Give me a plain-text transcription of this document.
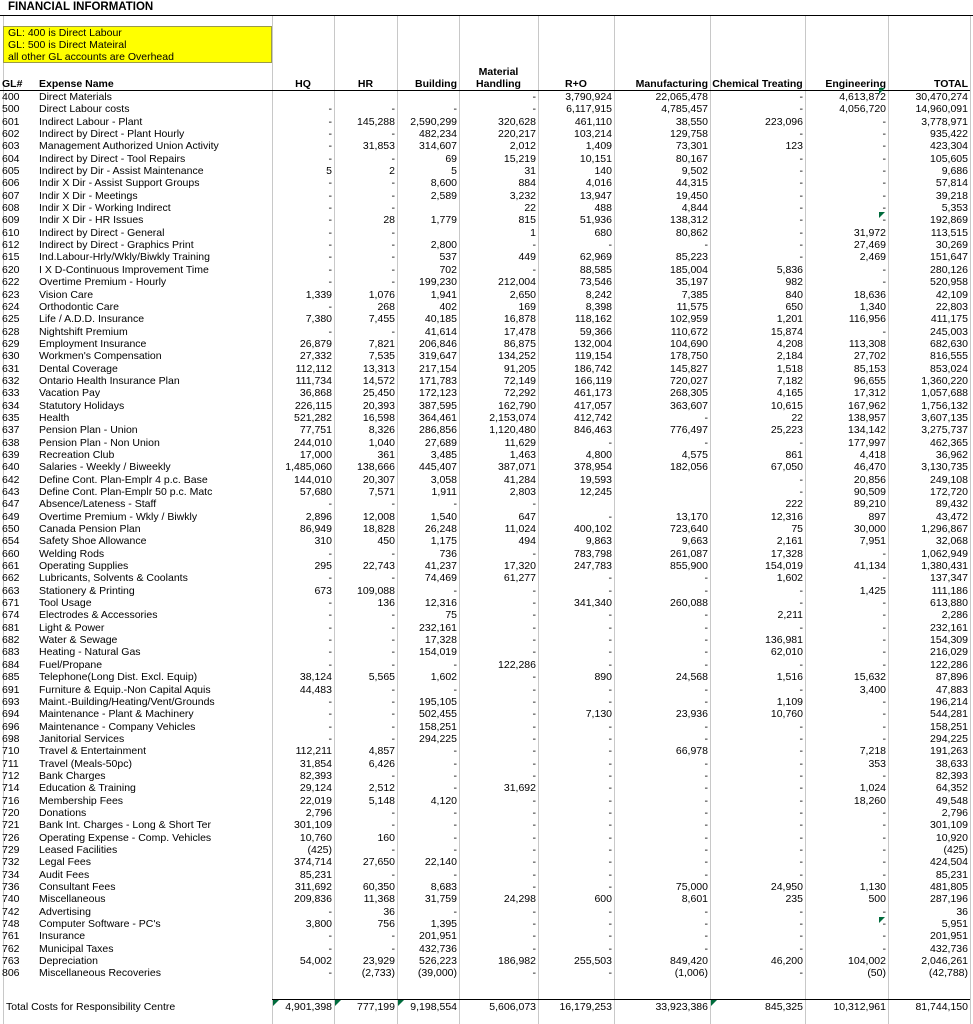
FINANCIAL INFORMATION
GL: 400 is Direct Labour
GL: 500 is Direct Mateiral
all other GL accounts are Overhead
GL#	Expense Name	HQ	HR	Building	Material Handling	R+O	Manufacturing	Chemical Treating	Engineering	TOTAL
400	Direct Materials				-	3,790,924	22,065,478	-	4,613,872	30,470,274
500	Direct Labour costs	-	-	-	-	6,117,915	4,785,457	-	4,056,720	14,960,091
601	Indirect Labour - Plant	-	145,288	2,590,299	320,628	461,110	38,550	223,096	-	3,778,971
602	Indirect by Direct - Plant Hourly	-	-	482,234	220,217	103,214	129,758	-	-	935,422
603	Management Authorized Union Activity	-	31,853	314,607	2,012	1,409	73,301	123	-	423,304
604	Indirect by Direct - Tool Repairs	-	-	69	15,219	10,151	80,167	-	-	105,605
605	Indirect by Dir - Assist Maintenance	5	2	5	31	140	9,502	-	-	9,686
606	Indir X Dir - Assist Support Groups	-	-	8,600	884	4,016	44,315	-	-	57,814
607	Indir X Dir - Meetings	-	-	2,589	3,232	13,947	19,450	-	-	39,218
608	Indir X Dir - Working Indirect	-	-		22	488	4,844	-	-	5,353
609	Indir X Dir - HR Issues	-	28	1,779	815	51,936	138,312	-	-	192,869
610	Indirect by Direct - General	-	-		1	680	80,862	-	31,972	113,515
612	Indirect by Direct - Graphics Print	-	-	2,800	-	-	-	-	27,469	30,269
615	Ind.Labour-Hrly/Wkly/Biwkly Training	-	-	537	449	62,969	85,223	-	2,469	151,647
620	I X D-Continuous Improvement Time	-	-	702	-	88,585	185,004	5,836	-	280,126
622	Overtime Premium - Hourly	-	-	199,230	212,004	73,546	35,197	982	-	520,958
623	Vision Care	1,339	1,076	1,941	2,650	8,242	7,385	840	18,636	42,109
624	Orthodontic Care	-	268	402	169	8,398	11,575	650	1,340	22,803
625	Life / A.D.D. Insurance	7,380	7,455	40,185	16,878	118,162	102,959	1,201	116,956	411,175
628	Nightshift Premium	-	-	41,614	17,478	59,366	110,672	15,874	-	245,003
629	Employment Insurance	26,879	7,821	206,846	86,875	132,004	104,690	4,208	113,308	682,630
630	Workmen's Compensation	27,332	7,535	319,647	134,252	119,154	178,750	2,184	27,702	816,555
631	Dental Coverage	112,112	13,313	217,154	91,205	186,742	145,827	1,518	85,153	853,024
632	Ontario Health Insurance Plan	111,734	14,572	171,783	72,149	166,119	720,027	7,182	96,655	1,360,220
633	Vacation Pay	36,868	25,450	172,123	72,292	461,173	268,305	4,165	17,312	1,057,688
634	Statutory Holidays	226,115	20,393	387,595	162,790	417,057	363,607	10,615	167,962	1,756,132
635	Health	521,282	16,598	364,461	2,153,074	412,742	-	22	138,957	3,607,135
637	Pension Plan - Union	77,751	8,326	286,856	1,120,480	846,463	776,497	25,223	134,142	3,275,737
638	Pension Plan - Non Union	244,010	1,040	27,689	11,629	-	-	-	177,997	462,365
639	Recreation Club	17,000	361	3,485	1,463	4,800	4,575	861	4,418	36,962
640	Salaries - Weekly / Biweekly	1,485,060	138,666	445,407	387,071	378,954	182,056	67,050	46,470	3,130,735
642	Define Cont. Plan-Emplr 4 p.c. Base	144,010	20,307	3,058	41,284	19,593		-	20,856	249,108
643	Define Cont. Plan-Emplr 50 p.c. Matc	57,680	7,571	1,911	2,803	12,245		-	90,509	172,720
647	Absence/Lateness - Staff	-	-	-	-			222	89,210	89,432
649	Overtime Premium - Wkly / Biwkly	2,896	12,008	1,540	647	-	13,170	12,316	897	43,472
650	Canada Pension Plan	86,949	18,828	26,248	11,024	400,102	723,640	75	30,000	1,296,867
654	Safety Shoe Allowance	310	450	1,175	494	9,863	9,663	2,161	7,951	32,068
660	Welding Rods	-	-	736	-	783,798	261,087	17,328	-	1,062,949
661	Operating Supplies	295	22,743	41,237	17,320	247,783	855,900	154,019	41,134	1,380,431
662	Lubricants, Solvents & Coolants	-	-	74,469	61,277	-	-	1,602	-	137,347
663	Stationery & Printing	673	109,088	-	-	-	-	-	1,425	111,186
671	Tool Usage	-	136	12,316	-	341,340	260,088	-	-	613,880
674	Electrodes & Accessories	-	-	75	-	-	-	2,211	-	2,286
681	Light & Power	-	-	232,161	-	-	-	-	-	232,161
682	Water & Sewage	-	-	17,328	-	-	-	136,981	-	154,309
683	Heating - Natural Gas	-	-	154,019	-	-	-	62,010	-	216,029
684	Fuel/Propane	-	-	-	122,286	-	-	-	-	122,286
685	Telephone(Long Dist. Excl. Equip)	38,124	5,565	1,602	-	890	24,568	1,516	15,632	87,896
691	Furniture & Equip.-Non Capital Aquis	44,483	-	-	-	-	-	-	3,400	47,883
693	Maint.-Building/Heating/Vent/Grounds	-	-	195,105	-	-	-	1,109	-	196,214
694	Maintenance - Plant & Machinery	-	-	502,455	-	7,130	23,936	10,760	-	544,281
696	Maintenance - Company Vehicles	-	-	158,251	-	-	-	-	-	158,251
698	Janitorial Services	-	-	294,225	-	-	-	-	-	294,225
710	Travel & Entertainment	112,211	4,857	-	-	-	66,978	-	7,218	191,263
711	Travel (Meals-50pc)	31,854	6,426	-	-	-	-	-	353	38,633
712	Bank Charges	82,393	-	-	-	-	-	-	-	82,393
714	Education & Training	29,124	2,512	-	31,692	-	-	-	1,024	64,352
716	Membership Fees	22,019	5,148	4,120	-	-	-	-	18,260	49,548
720	Donations	2,796	-	-	-	-	-	-	-	2,796
721	Bank Int. Charges - Long & Short Ter	301,109	-	-	-	-	-	-	-	301,109
726	Operating Expense - Comp. Vehicles	10,760	160	-	-	-	-	-	-	10,920
729	Leased Facilities	(425)	-	-	-	-	-	-	-	(425)
732	Legal Fees	374,714	27,650	22,140	-	-	-	-	-	424,504
734	Audit Fees	85,231	-	-	-	-	-	-	-	85,231
736	Consultant Fees	311,692	60,350	8,683	-	-	75,000	24,950	1,130	481,805
740	Miscellaneous	209,836	11,368	31,759	24,298	600	8,601	235	500	287,196
742	Advertising	-	36	-	-	-	-	-	-	36
748	Computer Software - PC's	3,800	756	1,395	-	-	-	-	-	5,951
761	Insurance	-	-	201,951	-	-	-	-	-	201,951
762	Municipal Taxes	-	-	432,736	-	-	-	-	-	432,736
763	Depreciation	54,002	23,929	526,223	186,982	255,503	849,420	46,200	104,002	2,046,261
806	Miscellaneous Recoveries	-	(2,733)	(39,000)	-	-	(1,006)	-	(50)	(42,788)
Total Costs for Responsibility Centre	4,901,398	777,199	9,198,554	5,606,073	16,179,253	33,923,386	845,325	10,312,961	81,744,150
